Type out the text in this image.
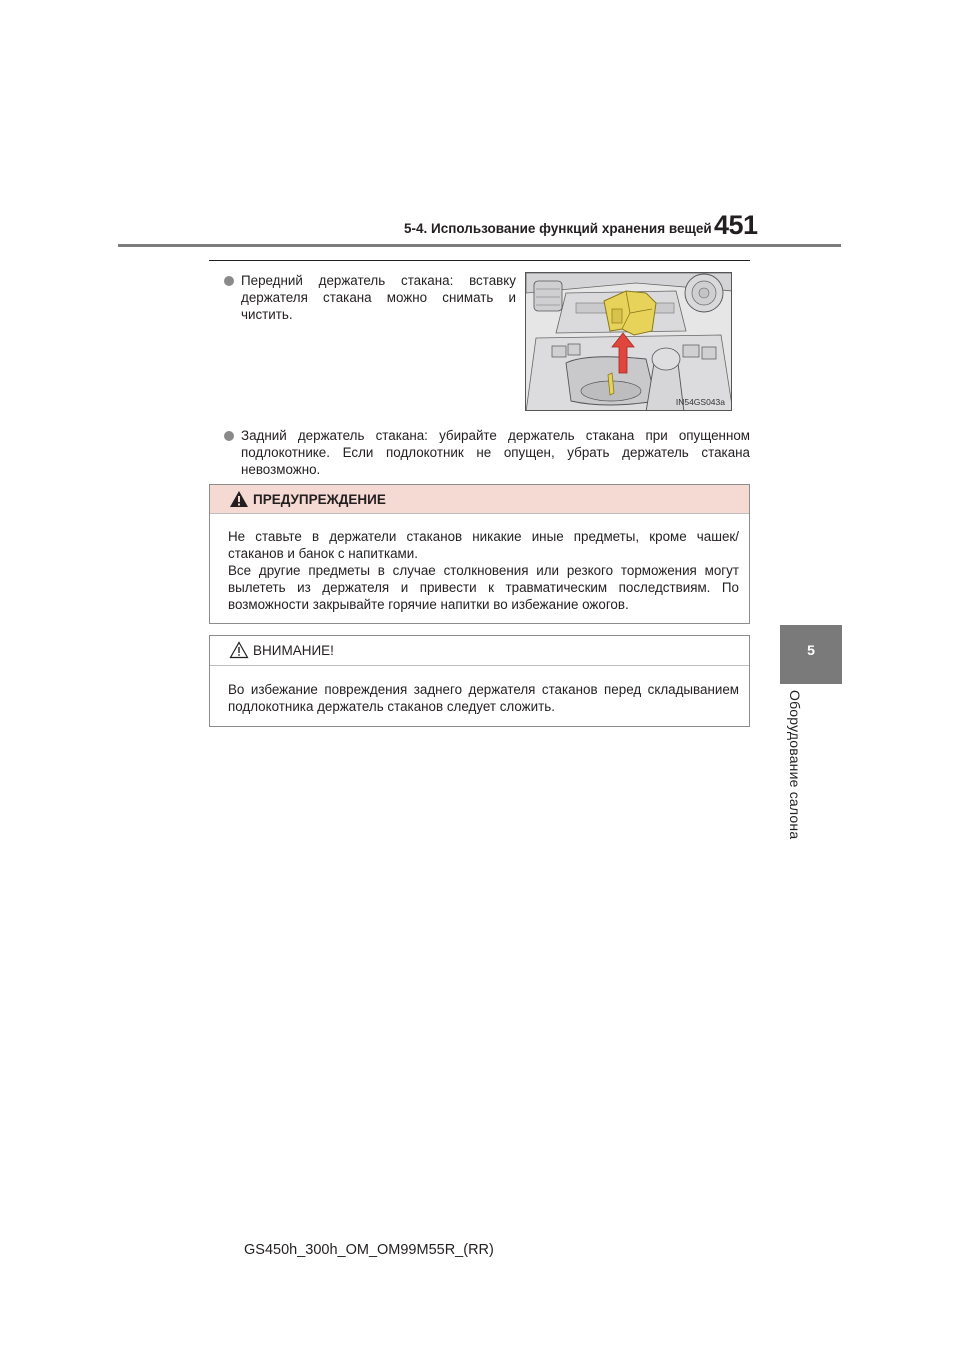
5-4. Использование функций хранения вещей 451
5
Оборудование салона
Передний держатель стакана: вставку держателя стакана можно снимать и чистить.
IN54GS043a
Задний держатель стакана: убирайте держатель стакана при опущенном подлокотнике. Если подлокотник не опущен, убрать держатель стакана невозможно.
ПРЕДУПРЕЖДЕНИЕ
Не ставьте в держатели стаканов никакие иные предметы, кроме чашек/
стаканов и банок с напитками.
Все другие предметы в случае столкновения или резкого торможения могут
вылететь из держателя и привести к травматическим последствиям. По
возможности закрывайте горячие напитки во избежание ожогов.
ВНИМАНИЕ!
Во избежание повреждения заднего держателя стаканов перед складыванием
подлокотника держатель стаканов следует сложить.
GS450h_300h_OM_OM99M55R_(RR)
